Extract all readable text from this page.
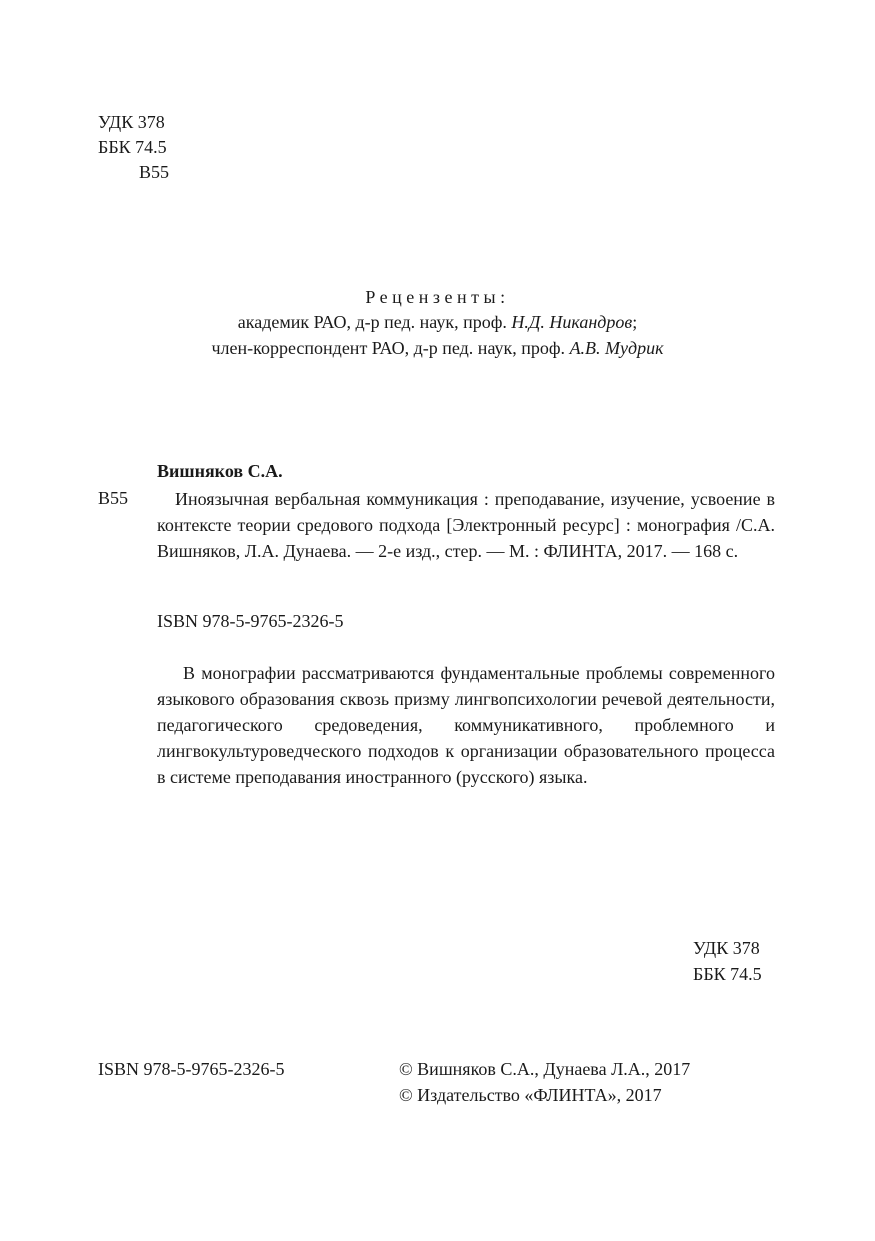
УДК 378
ББК 74.5
В55
Рецензенты:
академик РАО, д-р пед. наук, проф. Н.Д. Никандров;
член-корреспондент РАО, д-р пед. наук, проф. А.В. Мудрик
Вишняков С.А.
В55	Иноязычная вербальная коммуникация : преподавание, изучение, усвоение в контексте теории средового подхода [Электронный ресурс] : монография /С.А. Вишняков, Л.А. Дунаева. — 2-е изд., стер. — М. : ФЛИНТА, 2017. — 168 с.
ISBN 978-5-9765-2326-5
В монографии рассматриваются фундаментальные проблемы современного языкового образования сквозь призму лингвопсихологии речевой деятельности, педагогического средоведения, коммуникативного, проблемного и лингвокультуроведческого подходов к организации образовательного процесса в системе преподавания иностранного (русского) языка.
УДК 378
ББК 74.5
ISBN 978-5-9765-2326-5	© Вишняков С.А., Дунаева Л.А., 2017
© Издательство «ФЛИНТА», 2017
